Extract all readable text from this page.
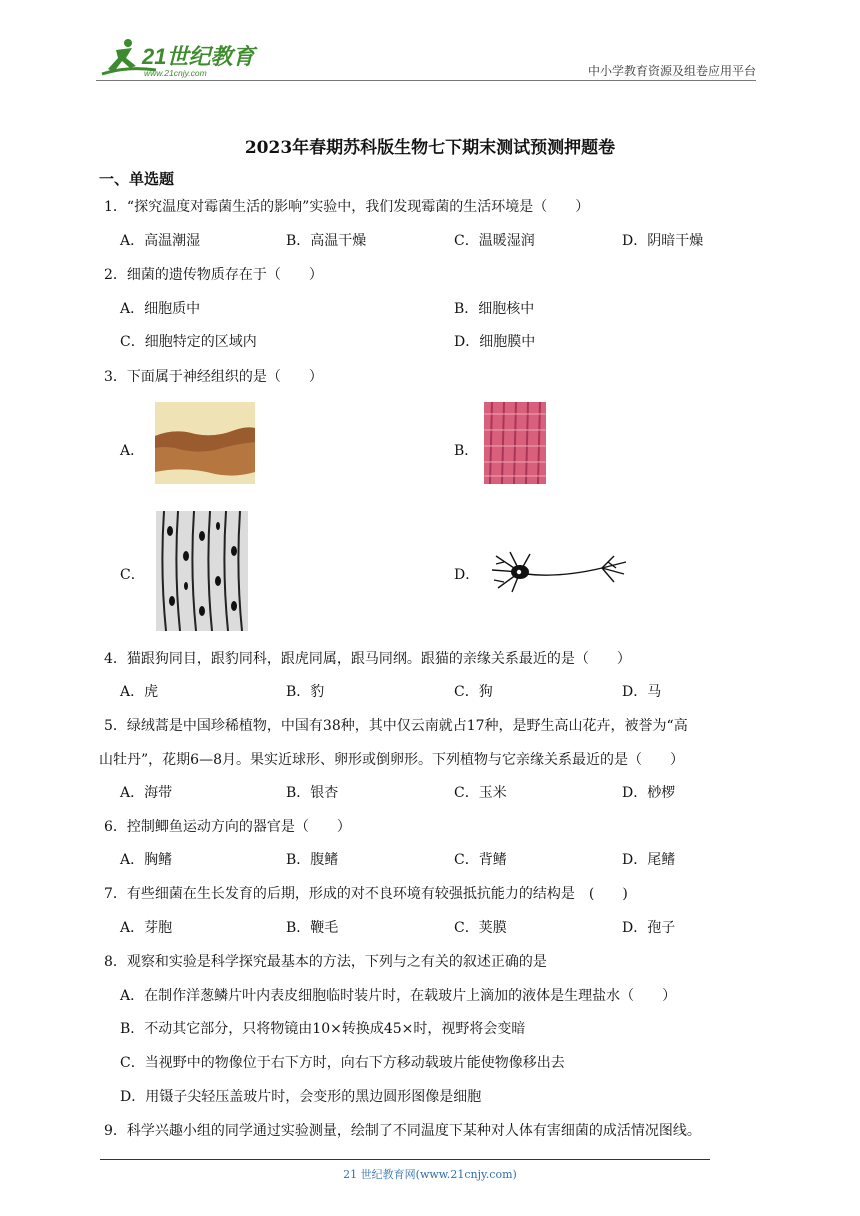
21世纪教育
www.21cnjy.com	中小学教育资源及组卷应用平台
2023年春期苏科版生物七下期末测试预测押题卷
一、单选题
1．“探究温度对霉菌生活的影响”实验中，我们发现霉菌的生活环境是（　　）
A．高温潮湿	B．高温干燥	C．温暖湿润	D．阴暗干燥
2．细菌的遗传物质存在于（　　）
A．细胞质中	B．细胞核中
C．细胞特定的区域内	D．细胞膜中
3．下面属于神经组织的是（　　）
A．	B．
C．	D．
4．猫跟狗同目，跟豹同科，跟虎同属，跟马同纲。跟猫的亲缘关系最近的是（　　）
A．虎	B．豹	C．狗	D．马
5．绿绒蒿是中国珍稀植物，中国有38种，其中仅云南就占17种，是野生高山花卉，被誉为“高
山牡丹”，花期6—8月。果实近球形、卵形或倒卵形。下列植物与它亲缘关系最近的是（　　）
A．海带	B．银杏	C．玉米	D．桫椤
6．控制鲫鱼运动方向的器官是（　　）
A．胸鳍	B．腹鳍	C．背鳍	D．尾鳍
7．有些细菌在生长发育的后期，形成的对不良环境有较强抵抗能力的结构是　(　　)
A．芽胞	B．鞭毛	C．荚膜	D．孢子
8．观察和实验是科学探究最基本的方法，下列与之有关的叙述正确的是
A．在制作洋葱鳞片叶内表皮细胞临时装片时，在载玻片上滴加的液体是生理盐水（　　）
B．不动其它部分，只将物镜由10×转换成45×时，视野将会变暗
C．当视野中的物像位于右下方时，向右下方移动载玻片能使物像移出去
D．用镊子尖轻压盖玻片时，会变形的黑边圆形图像是细胞
9．科学兴趣小组的同学通过实验测量，绘制了不同温度下某种对人体有害细菌的成活情况图线。
21 世纪教育网(www.21cnjy.com)
